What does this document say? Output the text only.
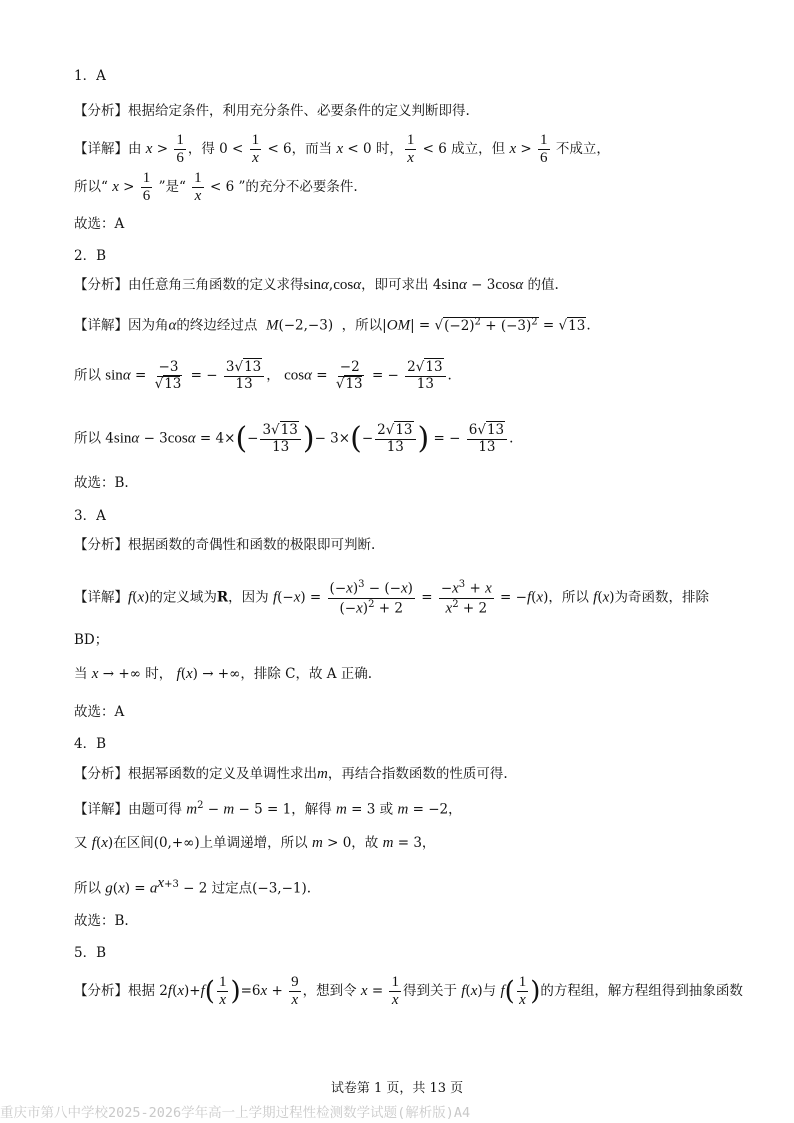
1．A
【分析】根据给定条件，利用充分条件、必要条件的定义判断即得.
【详解】由 $x > \frac{1}{6}$ ，得 $0 < \frac{1}{x} < 6$，而当 x < 0 时， $\frac{1}{x} < 6$ 成立，但 $x > \frac{1}{6}$ 不成立，
所以“ $x > \frac{1}{6}$ ”是“ $\frac{1}{x} < 6$ ”的充分不必要条件.
故选：A
2．B
【分析】由任意角三角函数的定义求得sinα,cosα，即可求出 4sinα − 3cosα 的值.
【详解】因为角α的终边经过点  M(−2,−3)  ，所以$|OM| = √(-2)^2 + (-3)^2 = √13$.
所以 $\sin\alpha = \frac{-3}{√13}$ = − $\frac{3√13}{13}$ ， $\cos\alpha = \frac{-2}{√13}$ = − $\frac{2√13}{13}$ .
所以 $4\sin\alpha - 3\cos\alpha = 4\times(- \frac{3√13}{13}$ )− $3\times(- \frac{2√13}{13}$ ) = − $\frac{6√13}{13}$ .
故选：B.
3．A
【分析】根据函数的奇偶性和函数的极限即可判断.
【详解】f(x)的定义域为R，因为 $f(-x) = \frac{(-x)^3 - (-x)}{(-x)^2 + 2} = \frac{-x^3 + x}{x^2 + 2} = -f(x)$，所以 f(x)为奇函数，排除
BD；
当 x → +∞ 时， f(x) → +∞，排除 C，故 A 正确.
故选：A
4．B
【分析】根据幂函数的定义及单调性求出m，再结合指数函数的性质可得.
【详解】由题可得 $m^2 - m - 5 = 1$，解得 m = 3 或 m = −2，
又 f(x)在区间(0,+∞)上单调递增，所以 m > 0，故 m = 3，
所以 $g(x) = a^{x+3} - 2$ 过定点(−3,−1).
故选：B.
5．B
【分析】根据 $2f(x)+f( \frac{1}{x} )=6x + \frac{9}{x}$ ，想到令 $x = \frac{1}{x}$ 得到关于 f(x)与 $f( \frac{1}{x}$ )的方程组，解方程组得到抽象函数
试卷第 1 页，共 13 页
重庆市第八中学校2025-2026学年高一上学期过程性检测数学试题(解析版)A4
